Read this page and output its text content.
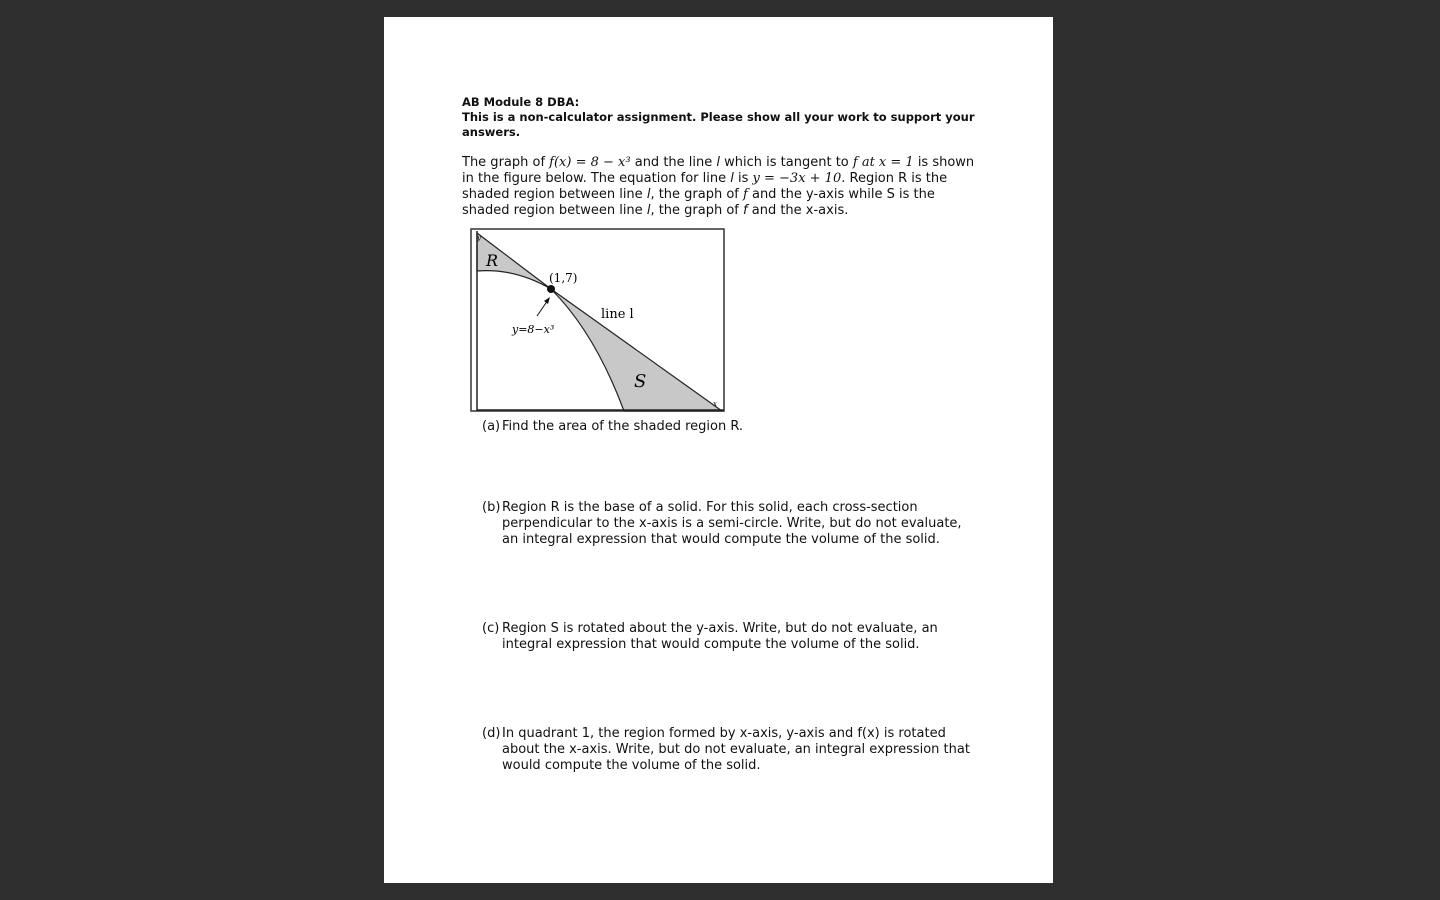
AB Module 8 DBA:
This is a non-calculator assignment. Please show all your work to support your answers.
The graph of f(x) = 8 − x³ and the line l which is tangent to f at x = 1 is shown in the figure below. The equation for line l is y = −3x + 10. Region R is the shaded region between line l, the graph of f and the y-axis while S is the shaded region between line l, the graph of f and the x-axis.
y
x
R
S
(1,7)
line l
y=8−x³
(a) Find the area of the shaded region R.
(b) Region R is the base of a solid. For this solid, each cross-section perpendicular to the x-axis is a semi-circle. Write, but do not evaluate, an integral expression that would compute the volume of the solid.
(c) Region S is rotated about the y-axis. Write, but do not evaluate, an integral expression that would compute the volume of the solid.
(d) In quadrant 1, the region formed by x-axis, y-axis and f(x) is rotated about the x-axis. Write, but do not evaluate, an integral expression that would compute the volume of the solid.
